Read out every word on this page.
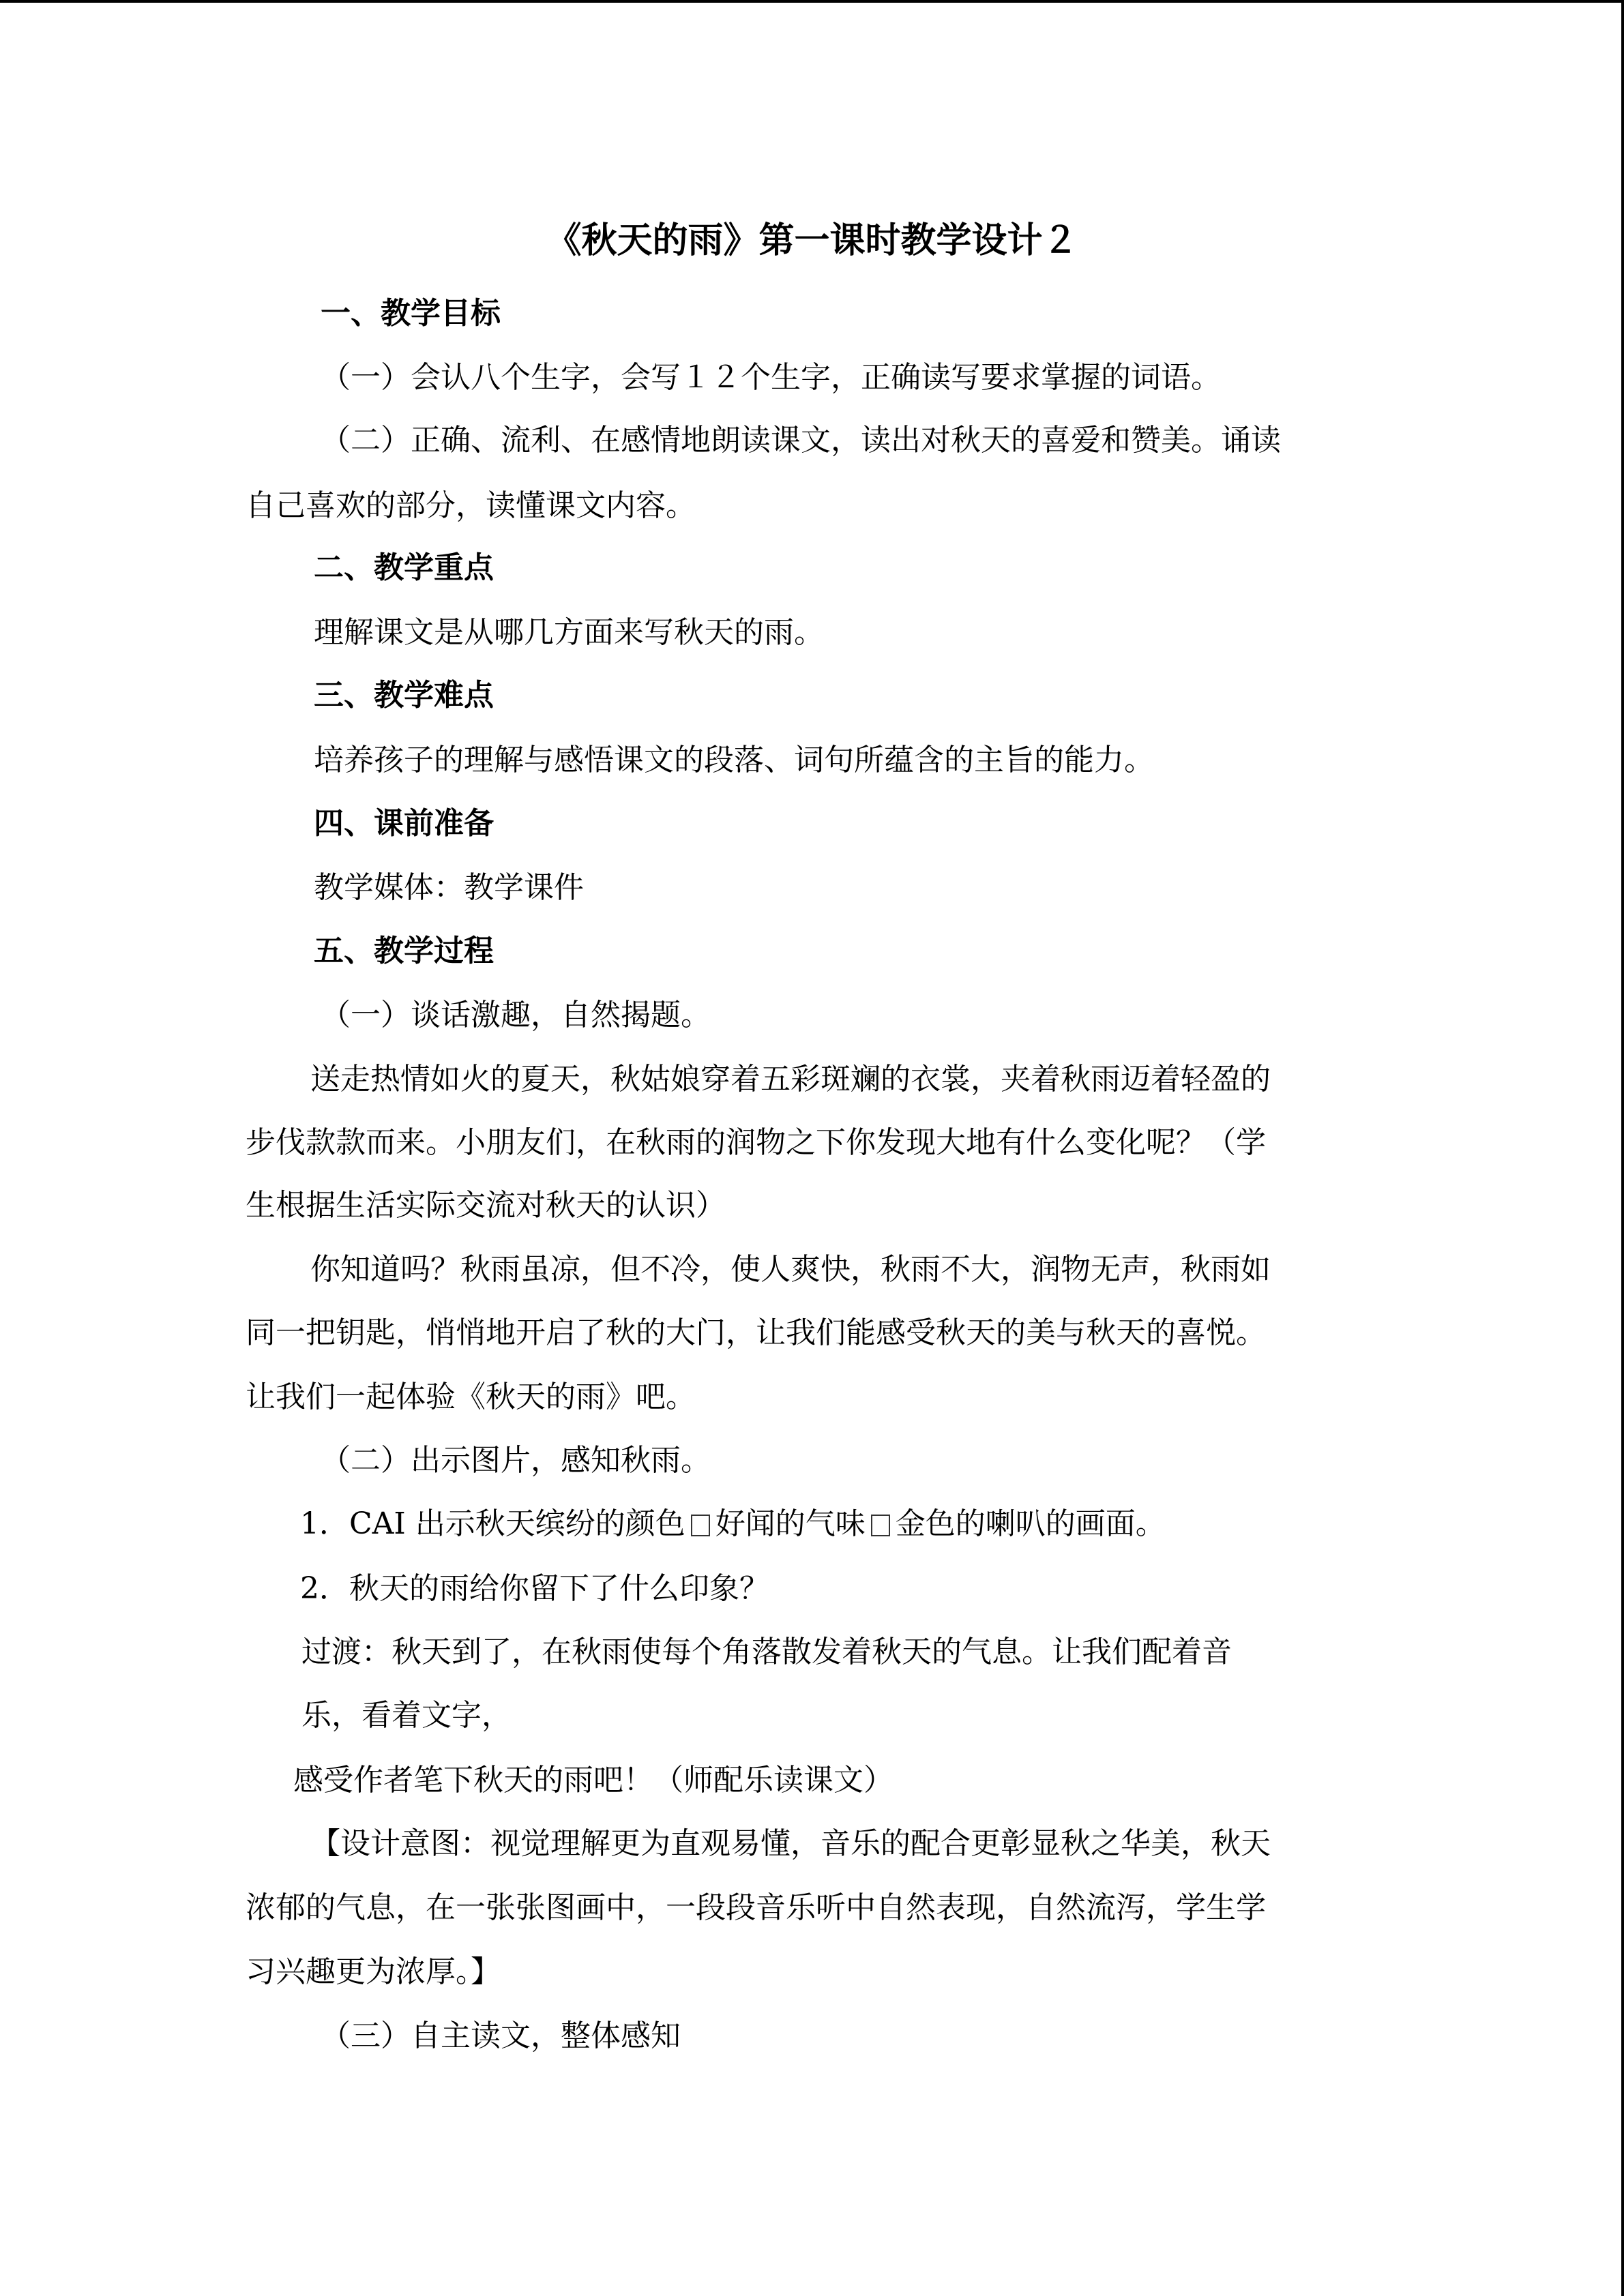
《秋天的雨》第一课时教学设计２
一、教学目标
（一）会认八个生字，会写１２个生字，正确读写要求掌握的词语。
（二）正确、流利、在感情地朗读课文，读出对秋天的喜爱和赞美。诵读
自己喜欢的部分，读懂课文内容。
二、教学重点
理解课文是从哪几方面来写秋天的雨。
三、教学难点
培养孩子的理解与感悟课文的段落、词句所蕴含的主旨的能力。
四、课前准备
教学媒体：教学课件
五、教学过程
（一）谈话激趣，自然揭题。
送走热情如火的夏天，秋姑娘穿着五彩斑斓的衣裳，夹着秋雨迈着轻盈的
步伐款款而来。小朋友们，在秋雨的润物之下你发现大地有什么变化呢？（学
生根据生活实际交流对秋天的认识）
你知道吗？秋雨虽凉，但不冷，使人爽快，秋雨不大，润物无声，秋雨如
同一把钥匙，悄悄地开启了秋的大门，让我们能感受秋天的美与秋天的喜悦。
让我们一起体验《秋天的雨》吧。
（二）出示图片，感知秋雨。
1．CAI 出示秋天缤纷的颜色 好闻的气味 金色的喇叭的画面。
2．秋天的雨给你留下了什么印象？
过渡：秋天到了，在秋雨使每个角落散发着秋天的气息。让我们配着音
乐，看着文字，
感受作者笔下秋天的雨吧！（师配乐读课文）
【设计意图：视觉理解更为直观易懂，音乐的配合更彰显秋之华美，秋天
浓郁的气息，在一张张图画中，一段段音乐听中自然表现，自然流泻，学生学
习兴趣更为浓厚。】
（三）自主读文，整体感知
